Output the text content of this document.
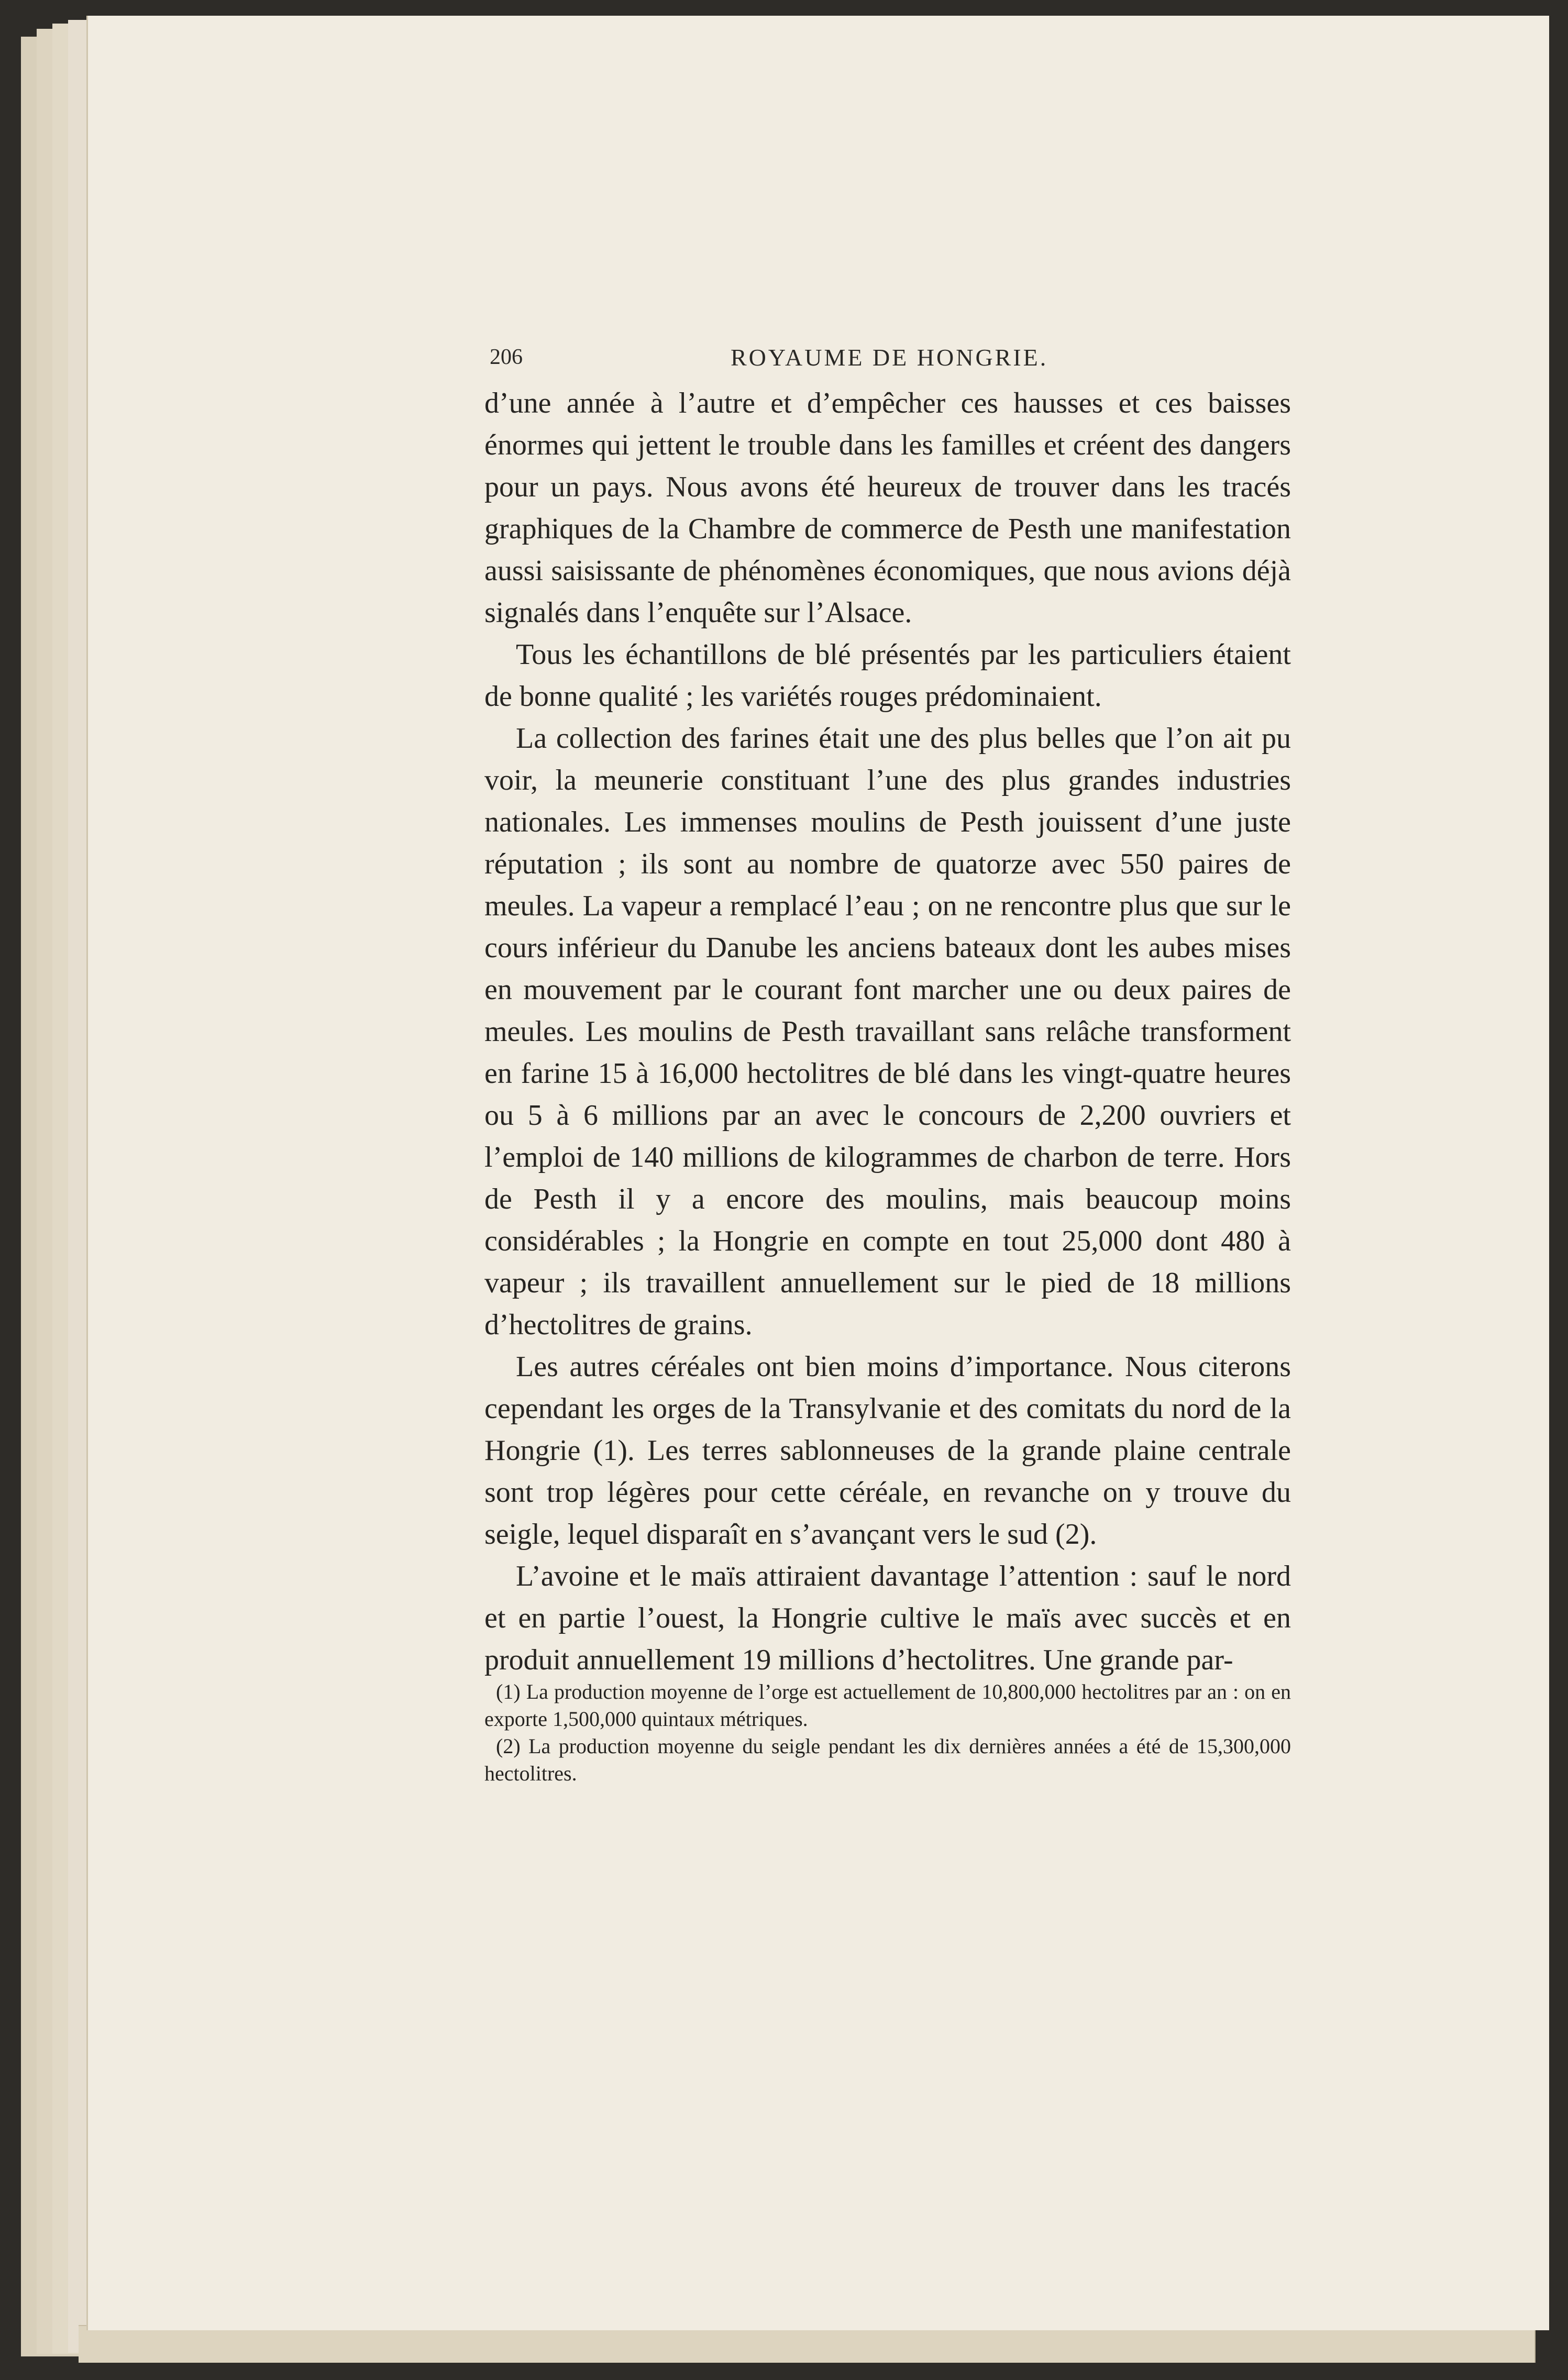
206	ROYAUME DE HONGRIE.

d’une année à l’autre et d’empêcher ces hausses et ces baisses énormes qui jettent le trouble dans les familles et créent des dangers pour un pays. Nous avons été heureux de trouver dans les tracés graphiques de la Chambre de commerce de Pesth une manifestation aussi saisissante de phénomènes économiques, que nous avions déjà signalés dans l’enquête sur l’Alsace.

Tous les échantillons de blé présentés par les particuliers étaient de bonne qualité ; les variétés rouges prédominaient.

La collection des farines était une des plus belles que l’on ait pu voir, la meunerie constituant l’une des plus grandes industries nationales. Les immenses moulins de Pesth jouissent d’une juste réputation ; ils sont au nombre de quatorze avec 550 paires de meules. La vapeur a remplacé l’eau ; on ne rencontre plus que sur le cours inférieur du Danube les anciens bateaux dont les aubes mises en mouvement par le courant font marcher une ou deux paires de meules. Les moulins de Pesth travaillant sans relâche transforment en farine 15 à 16,000 hectolitres de blé dans les vingt-quatre heures ou 5 à 6 millions par an avec le concours de 2,200 ouvriers et l’emploi de 140 millions de kilogrammes de charbon de terre. Hors de Pesth il y a encore des moulins, mais beaucoup moins considérables ; la Hongrie en compte en tout 25,000 dont 480 à vapeur ; ils travaillent annuellement sur le pied de 18 millions d’hectolitres de grains.

Les autres céréales ont bien moins d’importance. Nous citerons cependant les orges de la Transylvanie et des comitats du nord de la Hongrie (1). Les terres sablonneuses de la grande plaine centrale sont trop légères pour cette céréale, en revanche on y trouve du seigle, lequel disparaît en s’avançant vers le sud (2).

L’avoine et le maïs attiraient davantage l’attention : sauf le nord et en partie l’ouest, la Hongrie cultive le maïs avec succès et en produit annuellement 19 millions d’hectolitres. Une grande par-

(1) La production moyenne de l’orge est actuellement de 10,800,000 hectolitres par an : on en exporte 1,500,000 quintaux métriques.

(2) La production moyenne du seigle pendant les dix dernières années a été de 15,300,000 hectolitres.
